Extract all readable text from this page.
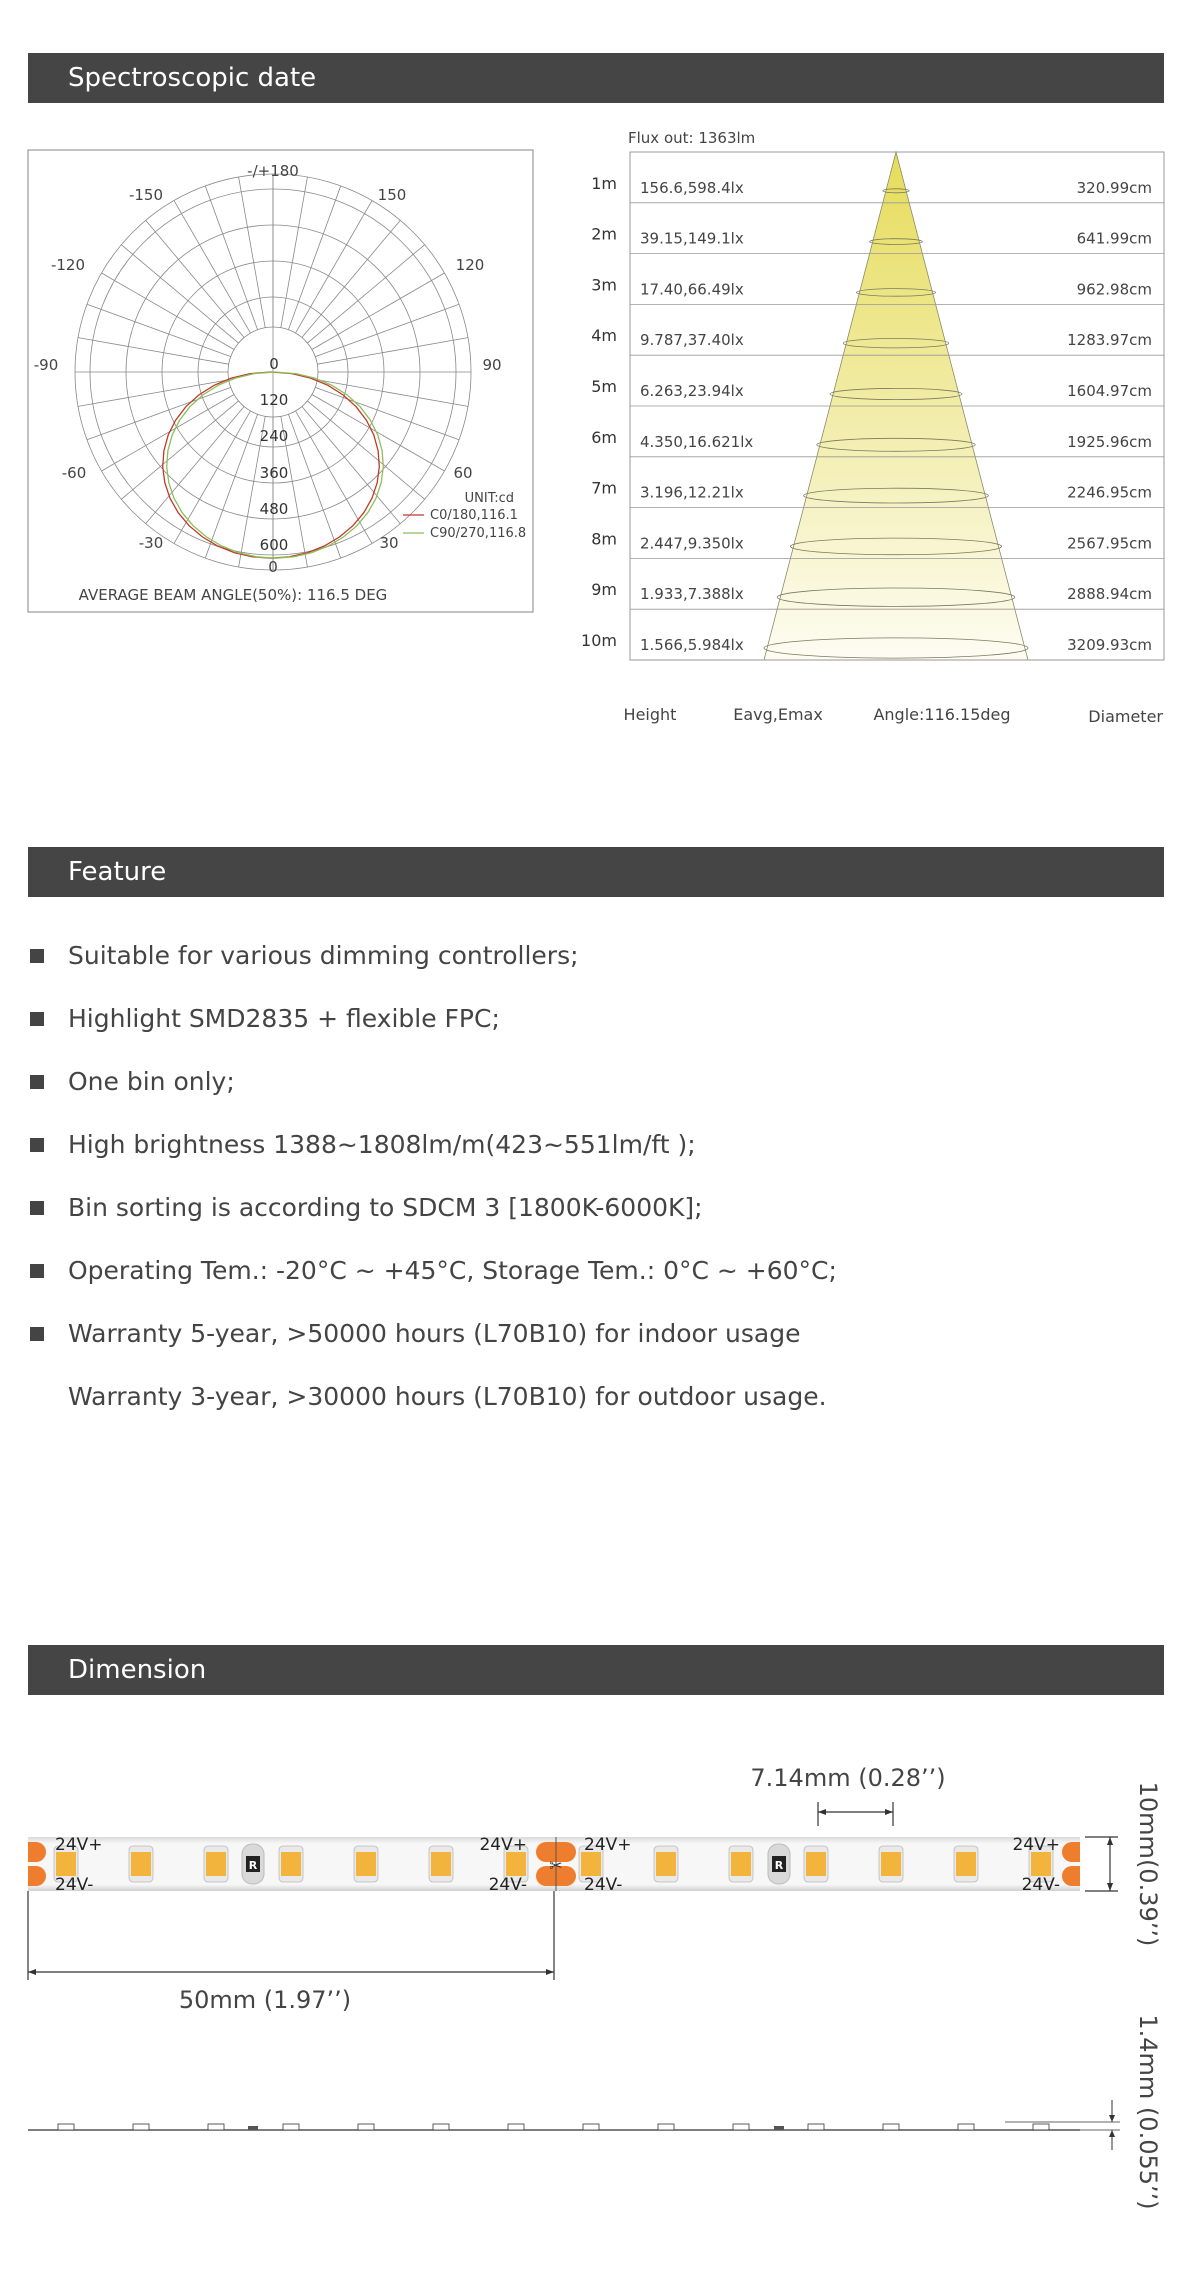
Spectroscopic date
-/+180
-150	150
-120	120
-90	90
-60	60
-30	30
0
0
120
240
360
480
600
UNIT:cd
C0/180,116.1
C90/270,116.8
AVERAGE BEAM ANGLE(50%): 116.5 DEG
Flux out: 1363lm
1m 156.6,598.4lx	320.99cm
2m 39.15,149.1lx	641.99cm
3m 17.40,66.49lx	962.98cm
4m 9.787,37.40lx	1283.97cm
5m 6.263,23.94lx	1604.97cm
6m 4.350,16.621lx	1925.96cm
7m 3.196,12.21lx	2246.95cm
8m 2.447,9.350lx	2567.95cm
9m 1.933,7.388lx	2888.94cm
10m 1.566,5.984lx	3209.93cm
Height	Eavg,Emax	Angle:116.15deg	Diameter
Feature
Suitable for various dimming controllers;
Highlight SMD2835 + flexible FPC;
One bin only;
High brightness 1388~1808lm/m(423~551lm/ft );
Bin sorting is according to SDCM 3 [1800K-6000K];
Operating Tem.: -20°C ~ +45°C, Storage Tem.: 0°C ~ +60°C;
Warranty 5-year, >50000 hours (L70B10) for indoor usage
Warranty 3-year, >30000 hours (L70B10) for outdoor usage.
Dimension
7.14mm (0.28’’)
R	R
✂
24V+	24V+	24V+	24V+
24V-	24V-	24V-	24V-	10mm(0.39’’)
50mm (1.97’’)
1.4mm (0.055’’)
